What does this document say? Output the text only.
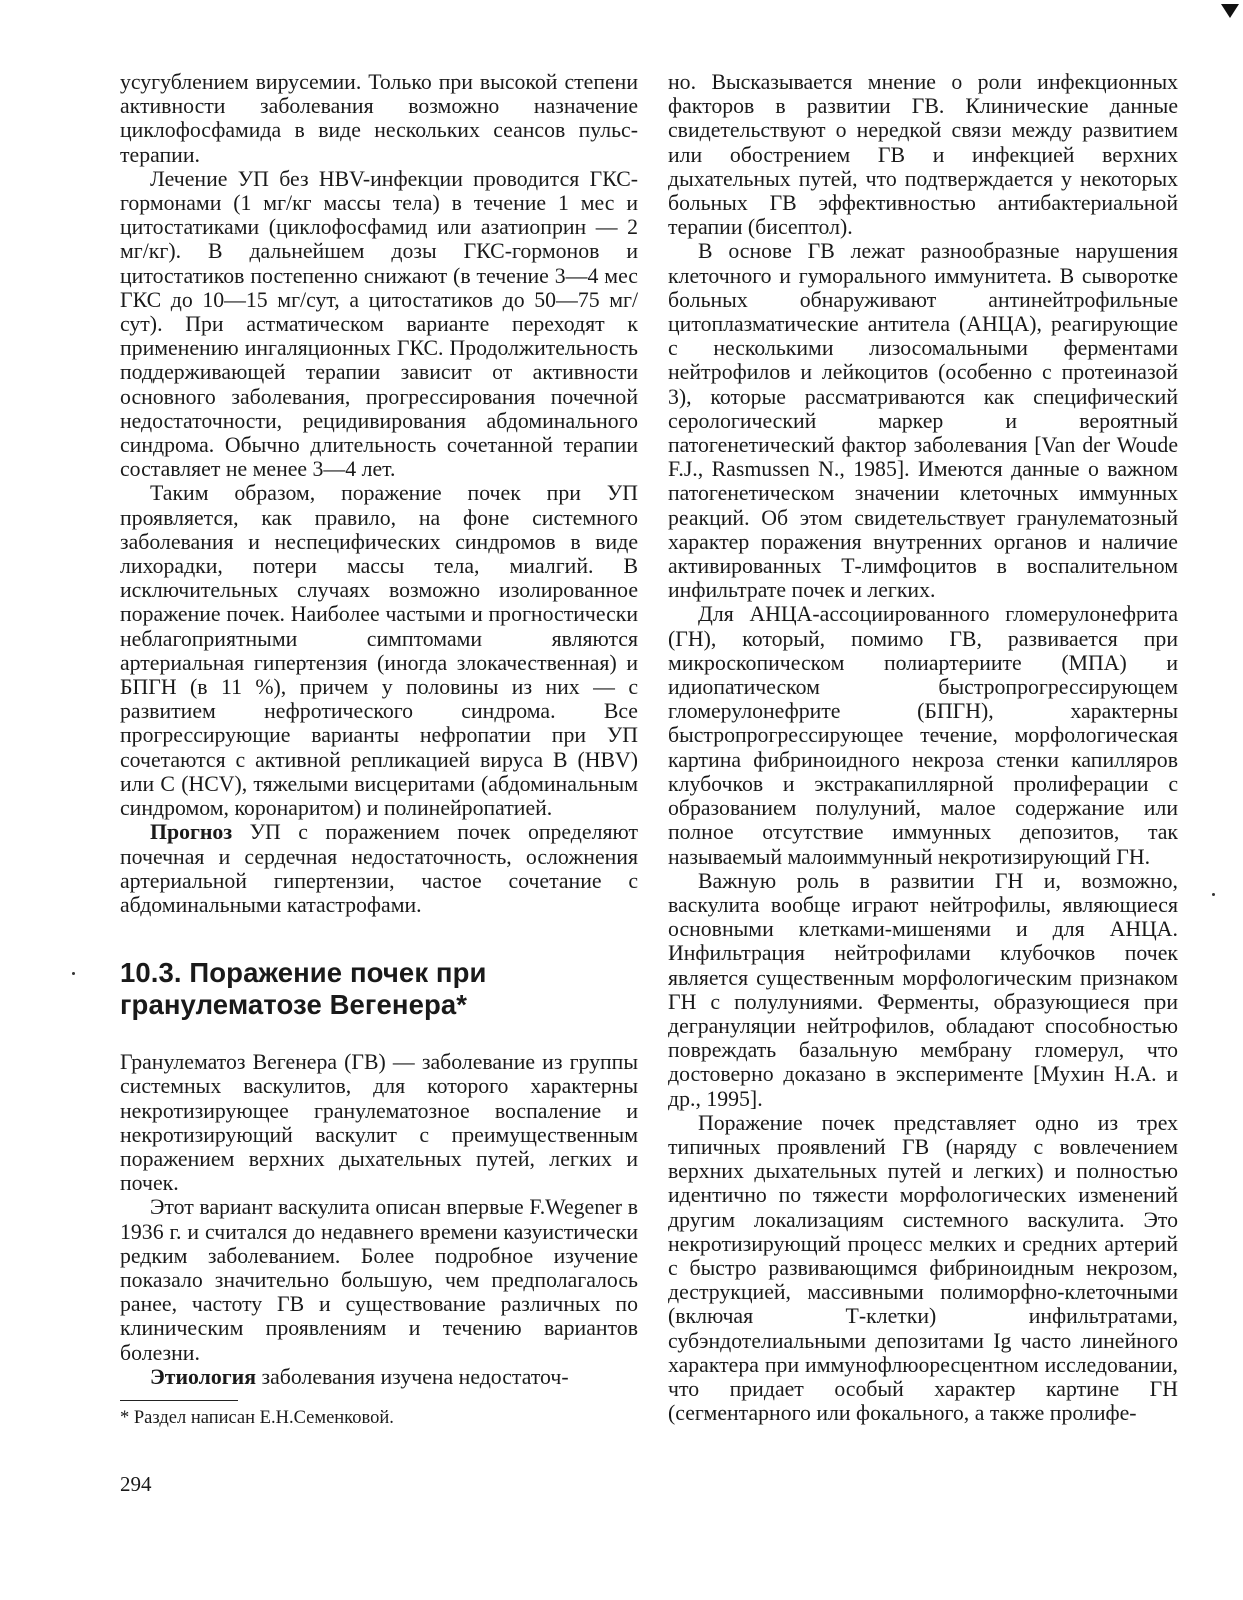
усугублением вирусемии. Только при высокой степени активности заболевания возможно назначение циклофосфамида в виде нескольких сеансов пульс-терапии.

Лечение УП без HBV-инфекции проводится ГКС-гормонами (1 мг/кг массы тела) в течение 1 мес и цитостатиками (циклофосфамид или азатиоприн — 2 мг/кг). В дальнейшем дозы ГКС-гормонов и цитостатиков постепенно снижают (в течение 3—4 мес ГКС до 10—15 мг/сут, а цитостатиков до 50—75 мг/сут). При астматическом варианте переходят к применению ингаляционных ГКС. Продолжительность поддерживающей терапии зависит от активности основного заболевания, прогрессирования почечной недостаточности, рецидивирования абдоминального синдрома. Обычно длительность сочетанной терапии составляет не менее 3—4 лет.

Таким образом, поражение почек при УП проявляется, как правило, на фоне системного заболевания и неспецифических синдромов в виде лихорадки, потери массы тела, миалгий. В исключительных случаях возможно изолированное поражение почек. Наиболее частыми и прогностически неблагоприятными симптомами являются артериальная гипертензия (иногда злокачественная) и БПГН (в 11 %), причем у половины из них — с развитием нефротического синдрома. Все прогрессирующие варианты нефропатии при УП сочетаются с активной репликацией вируса В (HBV) или С (HCV), тяжелыми висцеритами (абдоминальным синдромом, коронаритом) и полинейропатией.

Прогноз УП с поражением почек определяют почечная и сердечная недостаточность, осложнения артериальной гипертензии, частое сочетание с абдоминальными катастрофами.

10.3. Поражение почек при гранулематозе Вегенера*

Гранулематоз Вегенера (ГВ) — заболевание из группы системных васкулитов, для которого характерны некротизирующее гранулематозное воспаление и некротизирующий васкулит с преимущественным поражением верхних дыхательных путей, легких и почек.

Этот вариант васкулита описан впервые F.Wegener в 1936 г. и считался до недавнего времени казуистически редким заболеванием. Более подробное изучение показало значительно большую, чем предполагалось ранее, частоту ГВ и существование различных по клиническим проявлениям и течению вариантов болезни.

Этиология заболевания изучена недостаточ-

* Раздел написан Е.Н.Семенковой.

но. Высказывается мнение о роли инфекционных факторов в развитии ГВ. Клинические данные свидетельствуют о нередкой связи между развитием или обострением ГВ и инфекцией верхних дыхательных путей, что подтверждается у некоторых больных ГВ эффективностью антибактериальной терапии (бисептол).

В основе ГВ лежат разнообразные нарушения клеточного и гуморального иммунитета. В сыворотке больных обнаруживают антинейтрофильные цитоплазматические антитела (АНЦА), реагирующие с несколькими лизосомальными ферментами нейтрофилов и лейкоцитов (особенно с протеиназой 3), которые рассматриваются как специфический серологический маркер и вероятный патогенетический фактор заболевания [Van der Woude F.J., Rasmussen N., 1985]. Имеются данные о важном патогенетическом значении клеточных иммунных реакций. Об этом свидетельствует гранулематозный характер поражения внутренних органов и наличие активированных Т-лимфоцитов в воспалительном инфильтрате почек и легких.

Для АНЦА-ассоциированного гломерулонефрита (ГН), который, помимо ГВ, развивается при микроскопическом полиартериите (МПА) и идиопатическом быстропрогрессирующем гломерулонефрите (БПГН), характерны быстропрогрессирующее течение, морфологическая картина фибриноидного некроза стенки капилляров клубочков и экстракапиллярной пролиферации с образованием полулуний, малое содержание или полное отсутствие иммунных депозитов, так называемый малоиммунный некротизирующий ГН.

Важную роль в развитии ГН и, возможно, васкулита вообще играют нейтрофилы, являющиеся основными клетками-мишенями и для АНЦА. Инфильтрация нейтрофилами клубочков почек является существенным морфологическим признаком ГН с полулуниями. Ферменты, образующиеся при дегрануляции нейтрофилов, обладают способностью повреждать базальную мембрану гломерул, что достоверно доказано в эксперименте [Мухин Н.А. и др., 1995].

Поражение почек представляет одно из трех типичных проявлений ГВ (наряду с вовлечением верхних дыхательных путей и легких) и полностью идентично по тяжести морфологических изменений другим локализациям системного васкулита. Это некротизирующий процесс мелких и средних артерий с быстро развивающимся фибриноидным некрозом, деструкцией, массивными полиморфно-клеточными (включая Т-клетки) инфильтратами, субэндотелиальными депозитами Ig часто линейного характера при иммунофлюоресцентном исследовании, что придает особый характер картине ГН (сегментарного или фокального, а также пролифе-

294
